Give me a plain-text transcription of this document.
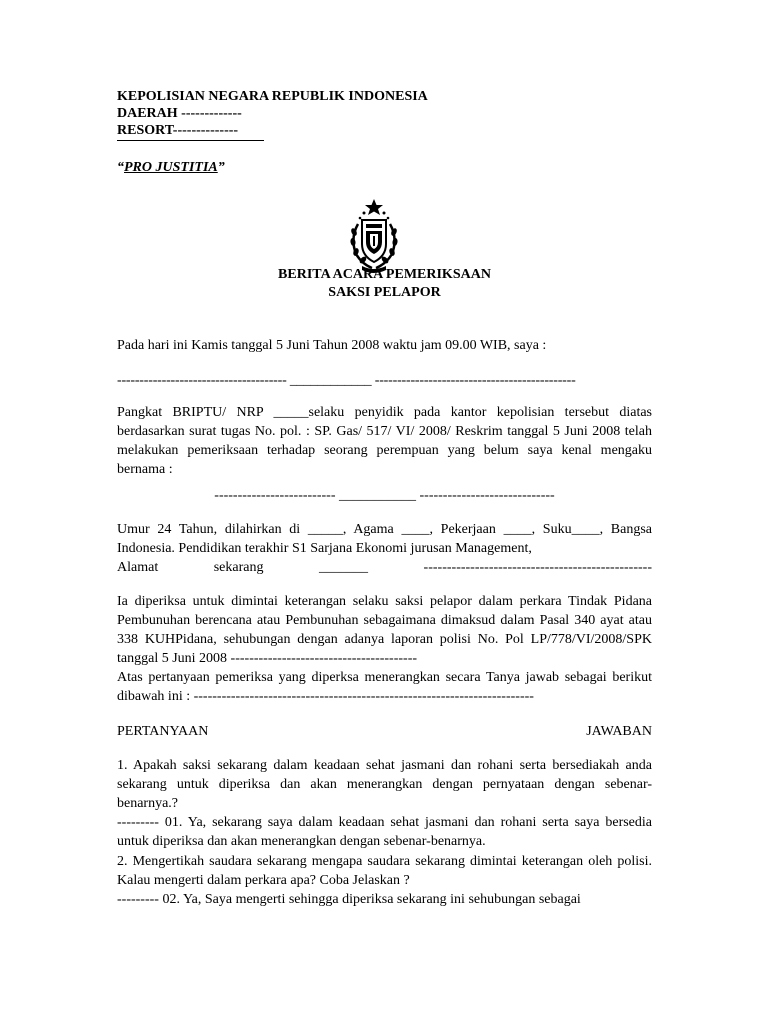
KEPOLISIAN NEGARA REPUBLIK INDONESIA
DAERAH -------------
RESORT--------------
“PRO JUSTITIA”
BERITA ACARA PEMERIKSAAN
SAKSI PELAPOR

Pada hari ini Kamis tanggal 5 Juni Tahun 2008 waktu jam 09.00 WIB, saya :

-------------------------------------- ____________ ---------------------------------------------

Pangkat BRIPTU/ NRP _____selaku penyidik pada kantor kepolisian tersebut diatas berdasarkan surat tugas No. pol. : SP. Gas/ 517/ VI/ 2008/ Reskrim tanggal 5 Juni 2008 telah melakukan pemeriksaan terhadap seorang perempuan yang belum saya kenal mengaku bernama :

-------------------------- ___________ -----------------------------

Umur 24 Tahun, dilahirkan di _____, Agama ____, Pekerjaan ____, Suku____, Bangsa Indonesia. Pendidikan terakhir S1 Sarjana Ekonomi jurusan Management,

Alamat sekarang _______ -------------------------------------------------

Ia diperiksa untuk dimintai keterangan selaku saksi pelapor dalam perkara Tindak Pidana Pembunuhan berencana atau Pembunuhan sebagaimana dimaksud dalam Pasal 340 ayat atau 338 KUHPidana, sehubungan dengan adanya laporan polisi No. Pol LP/778/VI/2008/SPK tanggal 5 Juni 2008 ----------------------------------------

Atas pertanyaan pemeriksa yang diperksa menerangkan secara Tanya jawab sebagai berikut dibawah ini : -------------------------------------------------------------------------

PERTANYAAN	JAWABAN

1. Apakah saksi sekarang dalam keadaan sehat jasmani dan rohani serta bersediakah anda sekarang untuk diperiksa dan akan menerangkan dengan pernyataan dengan sebenar-benarnya.?

--------- 01. Ya, sekarang saya dalam keadaan sehat jasmani dan rohani serta saya bersedia untuk diperiksa dan akan menerangkan dengan sebenar-benarnya.

2. Mengertikah saudara sekarang mengapa saudara sekarang dimintai keterangan oleh polisi. Kalau mengerti dalam perkara apa? Coba Jelaskan ?

--------- 02. Ya, Saya mengerti sehingga diperiksa sekarang ini sehubungan sebagai
